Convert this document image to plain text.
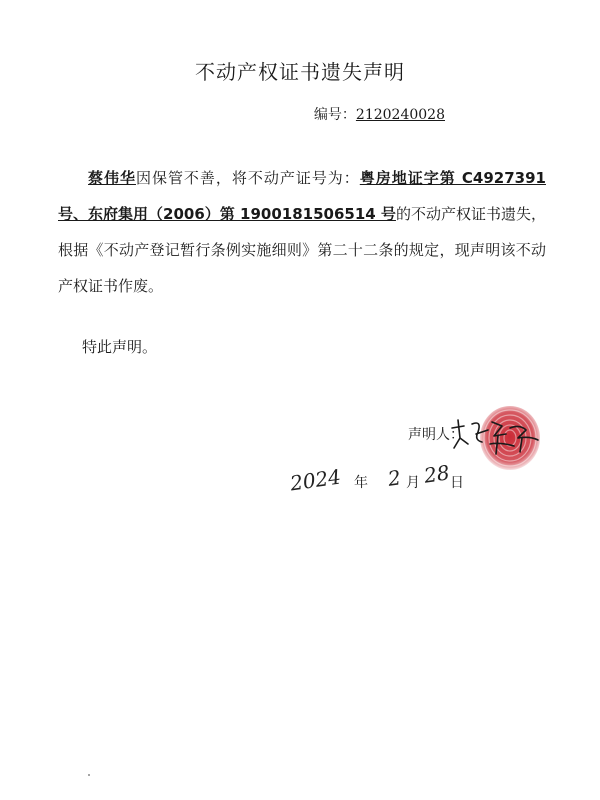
不动产权证书遗失声明
编号：2120240028

蔡伟华因保管不善，将不动产证号为：粤房地证字第 C4927391 号、东府集用（2006）第 1900181506514 号的不动产权证书遗失，根据《不动产登记暂行条例实施细则》第二十二条的规定，现声明该不动产权证书作废。

特此声明。
声明人：
2024 年 2 月 28 日
